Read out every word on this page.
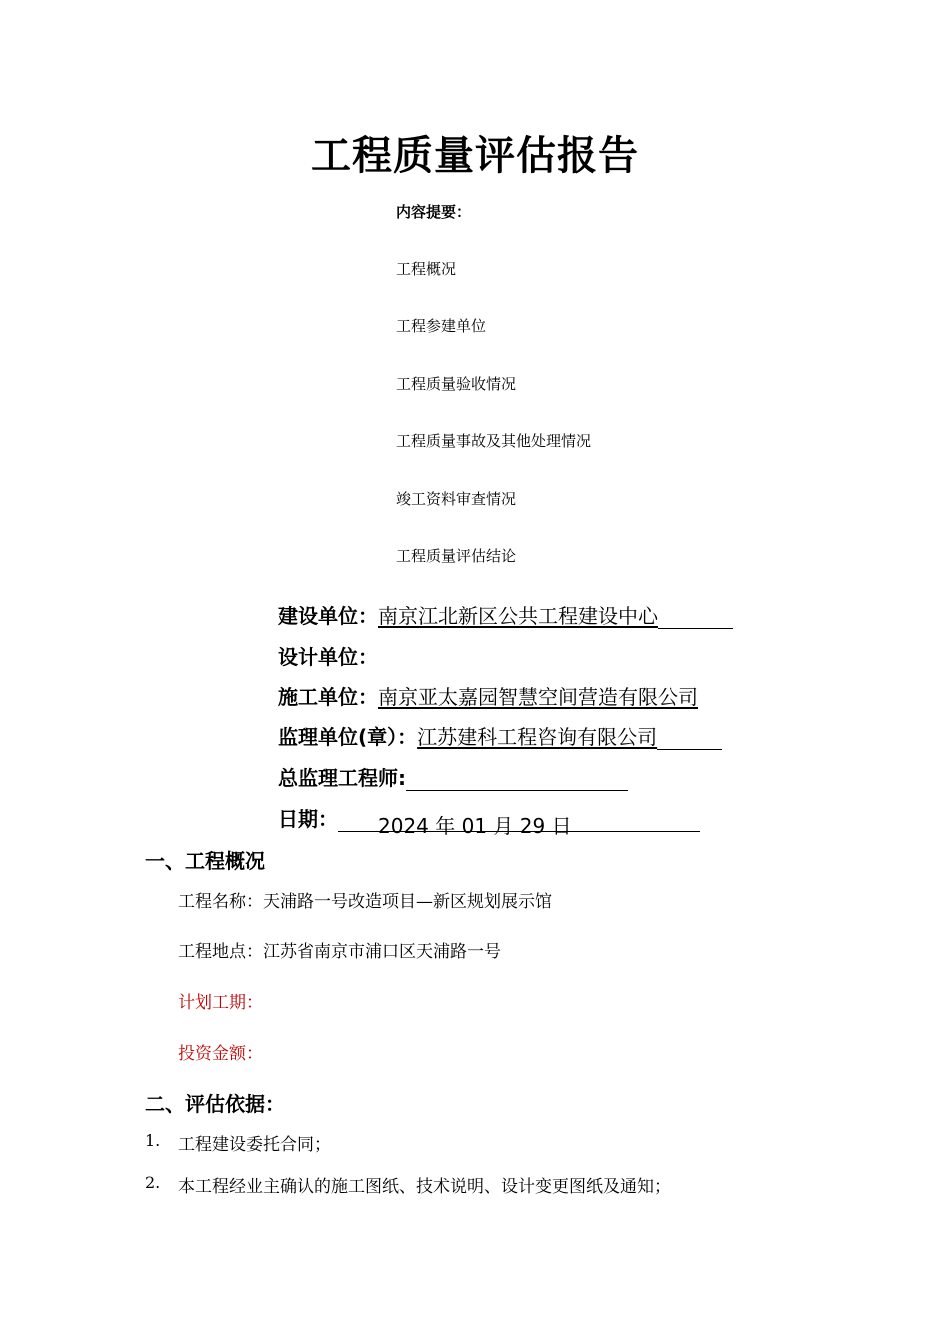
工程质量评估报告
内容提要：
工程概况
工程参建单位
工程质量验收情况
工程质量事故及其他处理情况
竣工资料审查情况
工程质量评估结论
建设单位：南京江北新区公共工程建设中心
设计单位：
施工单位：南京亚太嘉园智慧空间营造有限公司
监理单位(章）：江苏建科工程咨询有限公司
总监理工程师:
日期： 2024 年 01 月 29 日
一、工程概况
工程名称：天浦路一号改造项目—新区规划展示馆
工程地点：江苏省南京市浦口区天浦路一号
计划工期：
投资金额：
二、评估依据：
1. 工程建设委托合同；
2. 本工程经业主确认的施工图纸、技术说明、设计变更图纸及通知；
